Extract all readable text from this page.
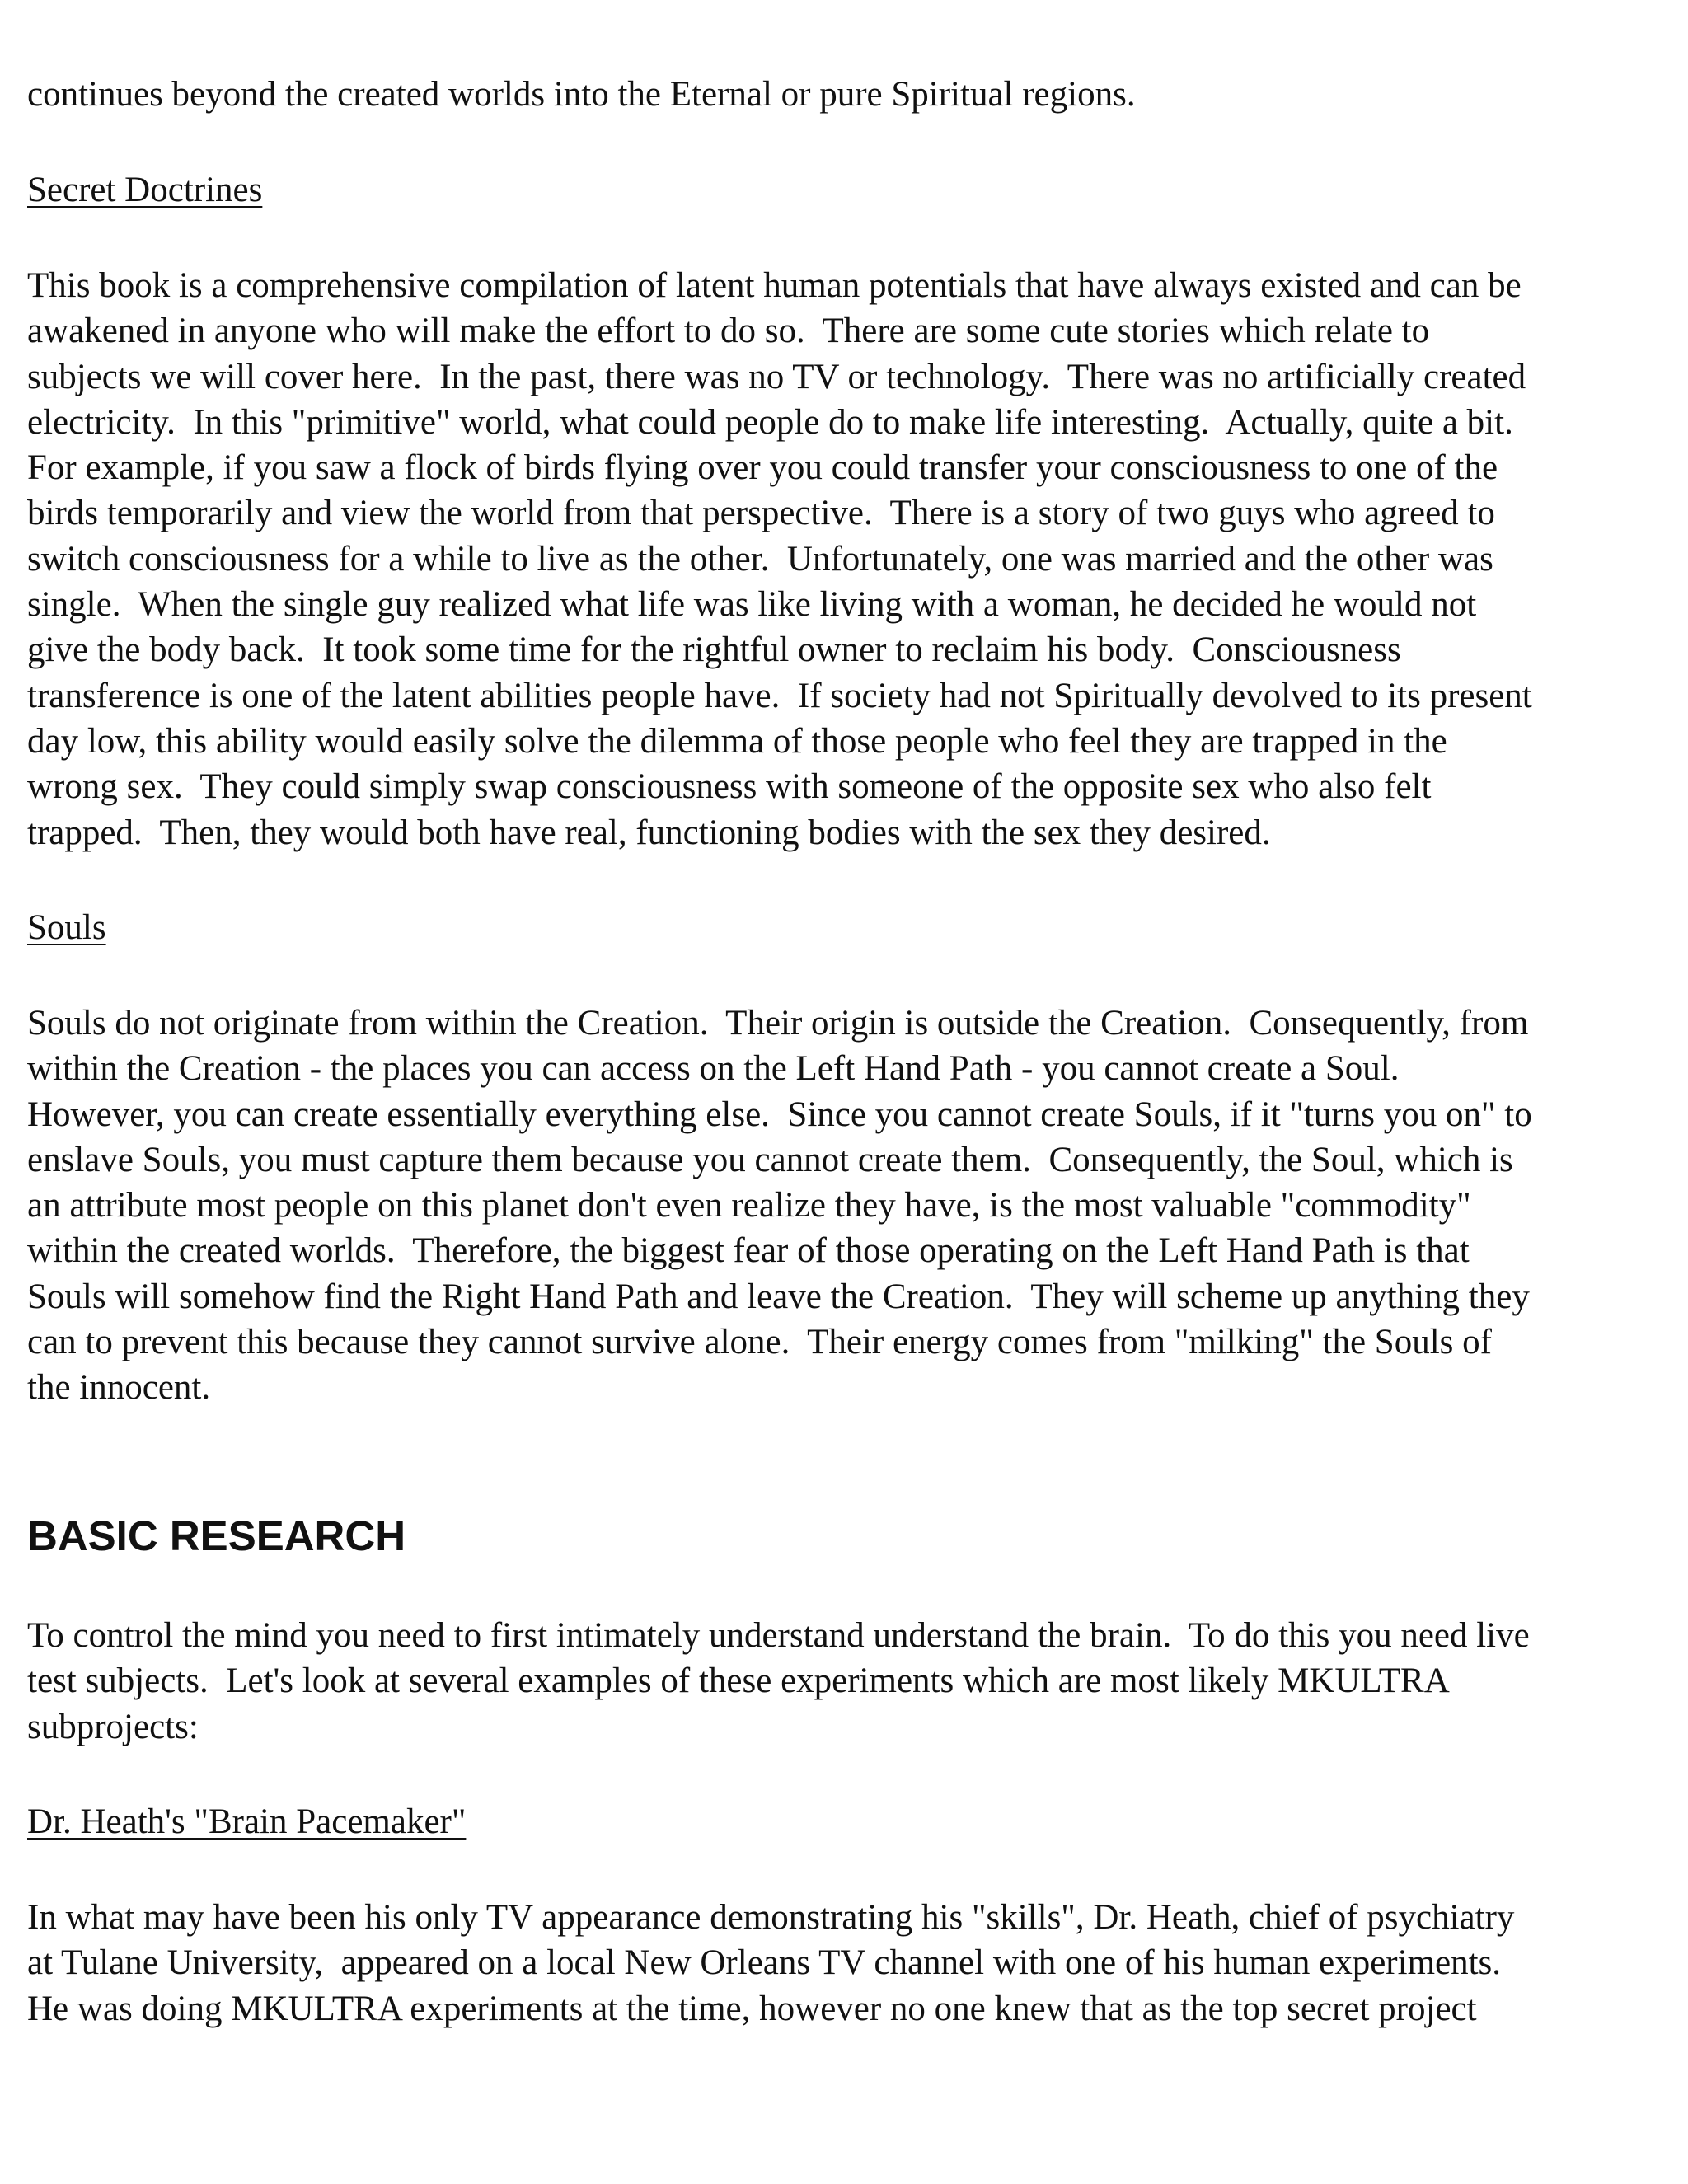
continues beyond the created worlds into the Eternal or pure Spiritual regions.
Secret Doctrines
This book is a comprehensive compilation of latent human potentials that have always existed and can be
awakened in anyone who will make the effort to do so.  There are some cute stories which relate to
subjects we will cover here.  In the past, there was no TV or technology.  There was no artificially created
electricity.  In this "primitive" world, what could people do to make life interesting.  Actually, quite a bit.
For example, if you saw a flock of birds flying over you could transfer your consciousness to one of the
birds temporarily and view the world from that perspective.  There is a story of two guys who agreed to
switch consciousness for a while to live as the other.  Unfortunately, one was married and the other was
single.  When the single guy realized what life was like living with a woman, he decided he would not
give the body back.  It took some time for the rightful owner to reclaim his body.  Consciousness
transference is one of the latent abilities people have.  If society had not Spiritually devolved to its present
day low, this ability would easily solve the dilemma of those people who feel they are trapped in the
wrong sex.  They could simply swap consciousness with someone of the opposite sex who also felt
trapped.  Then, they would both have real, functioning bodies with the sex they desired.
Souls
Souls do not originate from within the Creation.  Their origin is outside the Creation.  Consequently, from
within the Creation - the places you can access on the Left Hand Path - you cannot create a Soul.
However, you can create essentially everything else.  Since you cannot create Souls, if it "turns you on" to
enslave Souls, you must capture them because you cannot create them.  Consequently, the Soul, which is
an attribute most people on this planet don't even realize they have, is the most valuable "commodity"
within the created worlds.  Therefore, the biggest fear of those operating on the Left Hand Path is that
Souls will somehow find the Right Hand Path and leave the Creation.  They will scheme up anything they
can to prevent this because they cannot survive alone.  Their energy comes from "milking" the Souls of
the innocent.
BASIC RESEARCH
To control the mind you need to first intimately understand understand the brain.  To do this you need live
test subjects.  Let's look at several examples of these experiments which are most likely MKULTRA
subprojects:
Dr. Heath's "Brain Pacemaker"
In what may have been his only TV appearance demonstrating his "skills", Dr. Heath, chief of psychiatry
at Tulane University,  appeared on a local New Orleans TV channel with one of his human experiments.
He was doing MKULTRA experiments at the time, however no one knew that as the top secret project
